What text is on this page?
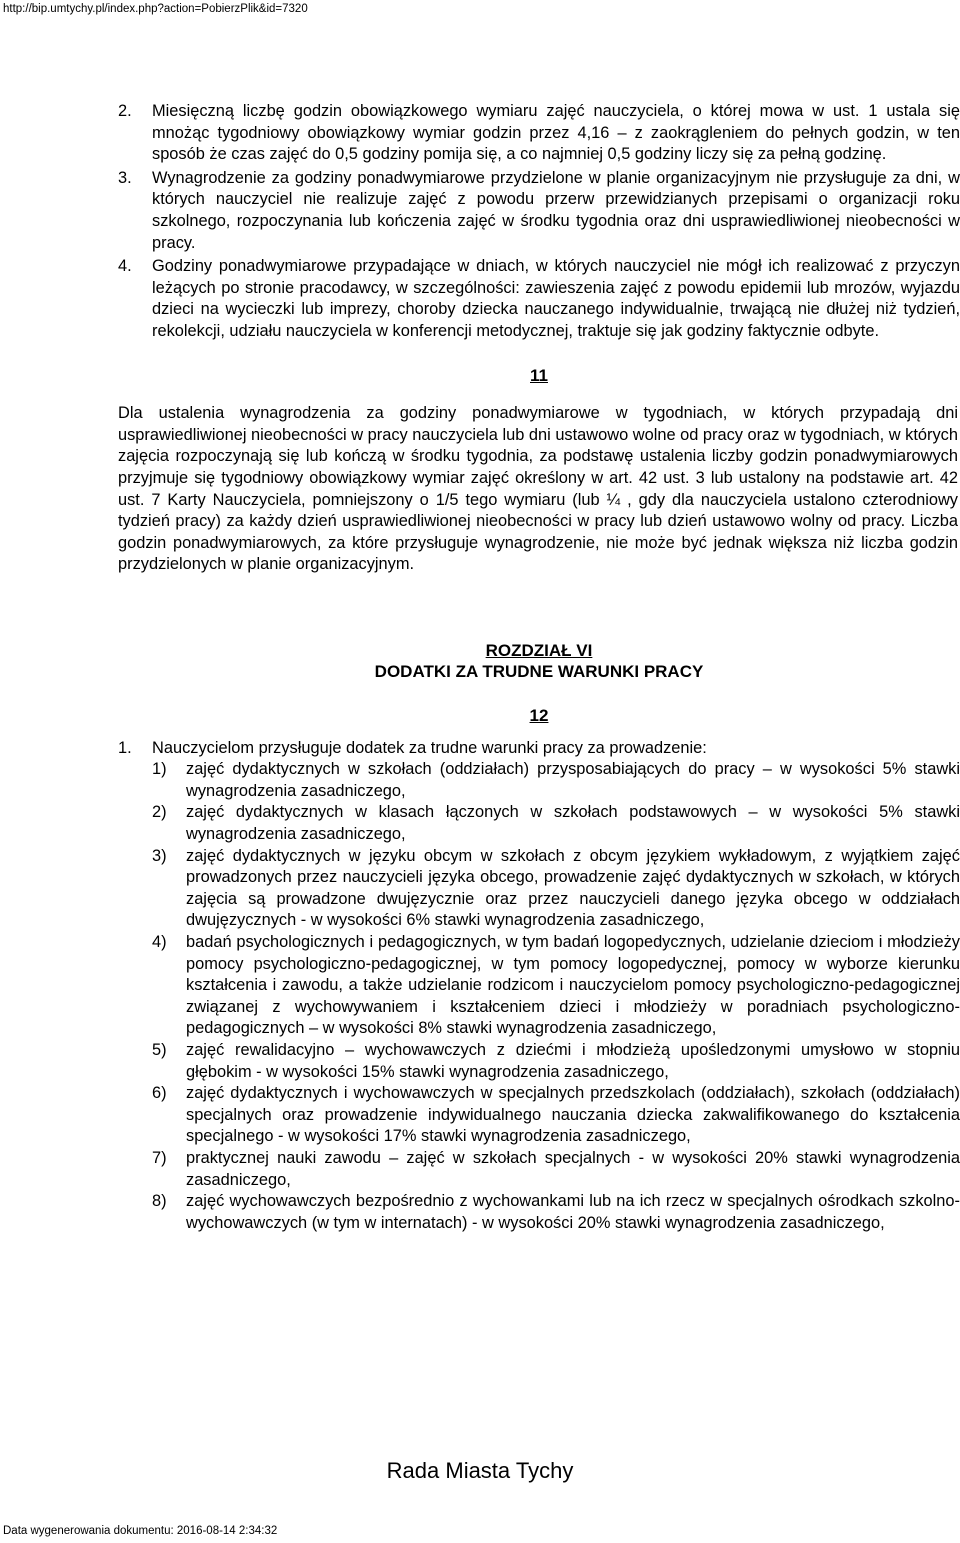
http://bip.umtychy.pl/index.php?action=PobierzPlik&id=7320
2.	Miesięczną liczbę godzin obowiązkowego wymiaru zajęć nauczyciela, o której mowa w ust. 1 ustala się mnożąc tygodniowy obowiązkowy wymiar godzin przez 4,16 – z zaokrągleniem do pełnych godzin, w ten sposób że czas zajęć do 0,5 godziny pomija się, a co najmniej 0,5 godziny liczy się za pełną godzinę.
3.	Wynagrodzenie za godziny ponadwymiarowe przydzielone w planie organizacyjnym nie przysługuje za dni, w których nauczyciel nie realizuje zajęć z powodu przerw przewidzianych przepisami o organizacji roku szkolnego, rozpoczynania lub kończenia zajęć w środku tygodnia oraz dni usprawiedliwionej nieobecności w pracy.
4.	Godziny ponadwymiarowe przypadające w dniach, w których nauczyciel nie mógł ich realizować z przyczyn leżących po stronie pracodawcy, w szczególności: zawieszenia zajęć z powodu epidemii lub mrozów, wyjazdu dzieci na wycieczki lub imprezy, choroby dziecka nauczanego indywidualnie, trwającą nie dłużej niż tydzień, rekolekcji, udziału nauczyciela w konferencji metodycznej, traktuje się jak godziny faktycznie odbyte.
11
Dla ustalenia wynagrodzenia za godziny ponadwymiarowe w tygodniach, w których przypadają dni usprawiedliwionej nieobecności w pracy nauczyciela lub dni ustawowo wolne od pracy oraz w tygodniach, w których zajęcia rozpoczynają się lub kończą w środku tygodnia, za podstawę ustalenia liczby godzin ponadwymiarowych przyjmuje się tygodniowy obowiązkowy wymiar zajęć określony w art. 42 ust. 3 lub ustalony na podstawie art. 42 ust. 7 Karty Nauczyciela, pomniejszony o 1/5 tego wymiaru (lub ¼ , gdy dla nauczyciela ustalono czterodniowy tydzień pracy) za każdy dzień usprawiedliwionej nieobecności w pracy lub dzień ustawowo wolny od pracy. Liczba godzin ponadwymiarowych, za które przysługuje wynagrodzenie, nie może być jednak większa niż liczba godzin przydzielonych w planie organizacyjnym.
ROZDZIAŁ VI
DODATKI ZA TRUDNE WARUNKI PRACY
12
1.	Nauczycielom przysługuje dodatek za trudne warunki pracy za prowadzenie:
1)	zajęć dydaktycznych w szkołach (oddziałach) przysposabiających do pracy – w wysokości 5% stawki wynagrodzenia zasadniczego,
2)	zajęć dydaktycznych w klasach łączonych w szkołach podstawowych – w wysokości 5% stawki wynagrodzenia zasadniczego,
3)	zajęć dydaktycznych w języku obcym w szkołach z obcym językiem wykładowym, z wyjątkiem zajęć prowadzonych przez nauczycieli języka obcego, prowadzenie zajęć dydaktycznych w szkołach, w których zajęcia są prowadzone dwujęzycznie oraz przez nauczycieli danego języka obcego w oddziałach dwujęzycznych - w wysokości 6% stawki wynagrodzenia zasadniczego,
4)	badań psychologicznych i pedagogicznych, w tym badań logopedycznych, udzielanie dzieciom i młodzieży pomocy psychologiczno-pedagogicznej, w tym pomocy logopedycznej, pomocy w wyborze kierunku kształcenia i zawodu, a także udzielanie rodzicom i nauczycielom pomocy psychologiczno-pedagogicznej związanej z wychowywaniem i kształceniem dzieci i młodzieży w poradniach psychologiczno-pedagogicznych – w wysokości 8% stawki wynagrodzenia zasadniczego,
5)	zajęć rewalidacyjno – wychowawczych z dziećmi i młodzieżą upośledzonymi umysłowo w stopniu głębokim - w wysokości 15% stawki wynagrodzenia zasadniczego,
6)	zajęć dydaktycznych i wychowawczych w specjalnych przedszkolach (oddziałach), szkołach (oddziałach) specjalnych oraz prowadzenie indywidualnego nauczania dziecka zakwalifikowanego do kształcenia specjalnego - w wysokości 17% stawki wynagrodzenia zasadniczego,
7)	praktycznej nauki zawodu – zajęć w szkołach specjalnych - w wysokości 20% stawki wynagrodzenia zasadniczego,
8)	zajęć wychowawczych bezpośrednio z wychowankami lub na ich rzecz w specjalnych ośrodkach szkolno-wychowawczych (w tym w internatach) - w wysokości 20% stawki wynagrodzenia zasadniczego,
Rada Miasta Tychy
Data wygenerowania dokumentu: 2016-08-14 2:34:32
